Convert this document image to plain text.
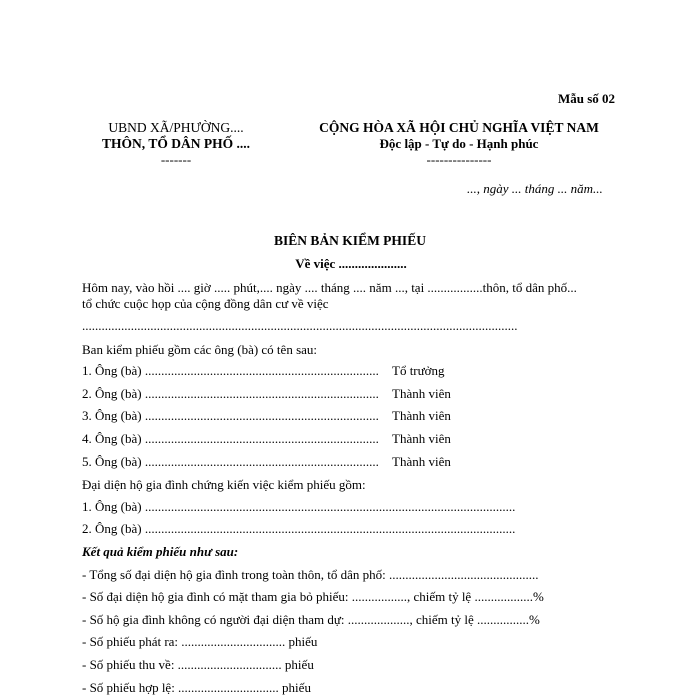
Mẫu số 02
UBND XÃ/PHƯỜNG....
THÔN, TỔ DÂN PHỐ ....
-------
CỘNG HÒA XÃ HỘI CHỦ NGHĨA VIỆT NAM
Độc lập - Tự do - Hạnh phúc
---------------
..., ngày ... tháng ... năm...
BIÊN BẢN KIỂM PHIẾU
Về việc .....................
Hôm nay, vào hồi .... giờ ..... phút,.... ngày .... tháng .... năm ..., tại .................thôn, tổ dân phố...
tổ chức cuộc họp của cộng đồng dân cư về việc
......................................................................................................................................
Ban kiểm phiếu gồm các ông (bà) có tên sau:
1. Ông (bà) ........................................................................ Tổ trưởng
2. Ông (bà) ........................................................................ Thành viên
3. Ông (bà) ........................................................................ Thành viên
4. Ông (bà) ........................................................................ Thành viên
5. Ông (bà) ........................................................................ Thành viên
Đại diện hộ gia đình chứng kiến việc kiểm phiếu gồm:
1. Ông (bà) ..................................................................................................................
2. Ông (bà) ..................................................................................................................
Kết quả kiểm phiếu như sau:
- Tổng số đại diện hộ gia đình trong toàn thôn, tổ dân phố: ..............................................
- Số đại diện hộ gia đình có mặt tham gia bỏ phiếu: ................., chiếm tỷ lệ ..................%
- Số hộ gia đình không có người đại diện tham dự: ..................., chiếm tỷ lệ ................%
- Số phiếu phát ra: ................................ phiếu
- Số phiếu thu về: ................................ phiếu
- Số phiếu hợp lệ: ............................... phiếu
